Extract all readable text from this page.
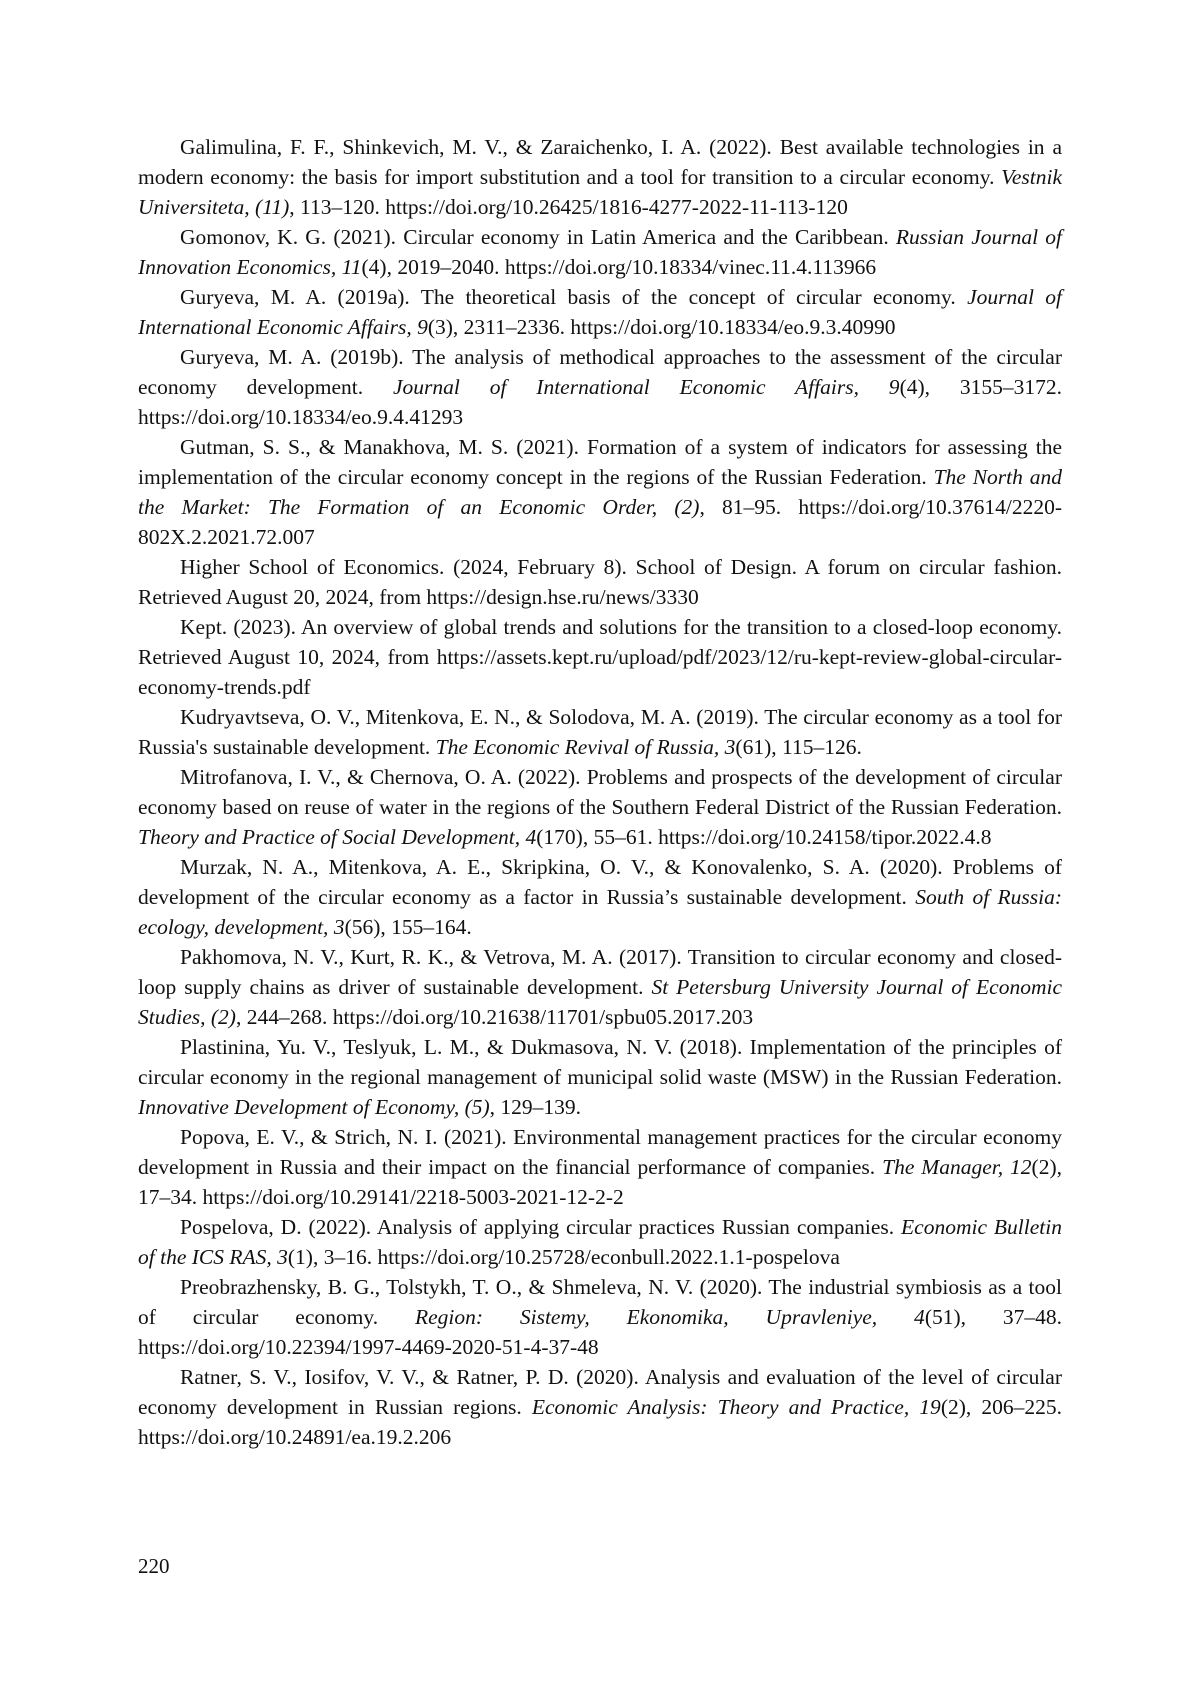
Galimulina, F. F., Shinkevich, M. V., & Zaraichenko, I. A. (2022). Best available technologies in a modern economy: the basis for import substitution and a tool for transition to a circular economy. Vestnik Universiteta, (11), 113–120. https://doi.org/10.26425/1816-4277-2022-11-113-120

Gomonov, K. G. (2021). Circular economy in Latin America and the Caribbean. Russian Journal of Innovation Economics, 11(4), 2019–2040. https://doi.org/10.18334/vinec.11.4.113966

Guryeva, M. A. (2019a). The theoretical basis of the concept of circular economy. Journal of International Economic Affairs, 9(3), 2311–2336. https://doi.org/10.18334/eo.9.3.40990

Guryeva, M. A. (2019b). The analysis of methodical approaches to the assessment of the circular economy development. Journal of International Economic Affairs, 9(4), 3155–3172. https://doi.org/10.18334/eo.9.4.41293

Gutman, S. S., & Manakhova, M. S. (2021). Formation of a system of indicators for assessing the implementation of the circular economy concept in the regions of the Russian Federation. The North and the Market: The Formation of an Economic Order, (2), 81–95. https://doi.org/10.37614/2220-802X.2.2021.72.007

Higher School of Economics. (2024, February 8). School of Design. A forum on circular fashion. Retrieved August 20, 2024, from https://design.hse.ru/news/3330

Kept. (2023). An overview of global trends and solutions for the transition to a closed-loop economy. Retrieved August 10, 2024, from https://assets.kept.ru/upload/pdf/2023/12/ru-kept-review-global-circular-economy-trends.pdf

Kudryavtseva, O. V., Mitenkova, E. N., & Solodova, M. A. (2019). The circular economy as a tool for Russia's sustainable development. The Economic Revival of Russia, 3(61), 115–126.

Mitrofanova, I. V., & Chernova, O. A. (2022). Problems and prospects of the development of circular economy based on reuse of water in the regions of the Southern Federal District of the Russian Federation. Theory and Practice of Social Development, 4(170), 55–61. https://doi.org/10.24158/tipor.2022.4.8

Murzak, N. A., Mitenkova, A. E., Skripkina, O. V., & Konovalenko, S. A. (2020). Problems of development of the circular economy as a factor in Russia’s sustainable development. South of Russia: ecology, development, 3(56), 155–164.

Pakhomova, N. V., Kurt, R. K., & Vetrova, M. A. (2017). Transition to circular economy and closed-loop supply chains as driver of sustainable development. St Petersburg University Journal of Economic Studies, (2), 244–268. https://doi.org/10.21638/11701/spbu05.2017.203

Plastinina, Yu. V., Teslyuk, L. M., & Dukmasova, N. V. (2018). Implementation of the principles of circular economy in the regional management of municipal solid waste (MSW) in the Russian Federation. Innovative Development of Economy, (5), 129–139.

Popova, E. V., & Strich, N. I. (2021). Environmental management practices for the circular economy development in Russia and their impact on the financial performance of companies. The Manager, 12(2), 17–34. https://doi.org/10.29141/2218-5003-2021-12-2-2

Pospelova, D. (2022). Analysis of applying circular practices Russian companies. Economic Bulletin of the ICS RAS, 3(1), 3–16. https://doi.org/10.25728/econbull.2022.1.1-pospelova

Preobrazhensky, B. G., Tolstykh, T. O., & Shmeleva, N. V. (2020). The industrial symbiosis as a tool of circular economy. Region: Sistemy, Ekonomika, Upravleniye, 4(51), 37–48. https://doi.org/10.22394/1997-4469-2020-51-4-37-48

Ratner, S. V., Iosifov, V. V., & Ratner, P. D. (2020). Analysis and evaluation of the level of circular economy development in Russian regions. Economic Analysis: Theory and Practice, 19(2), 206–225. https://doi.org/10.24891/ea.19.2.206

220
